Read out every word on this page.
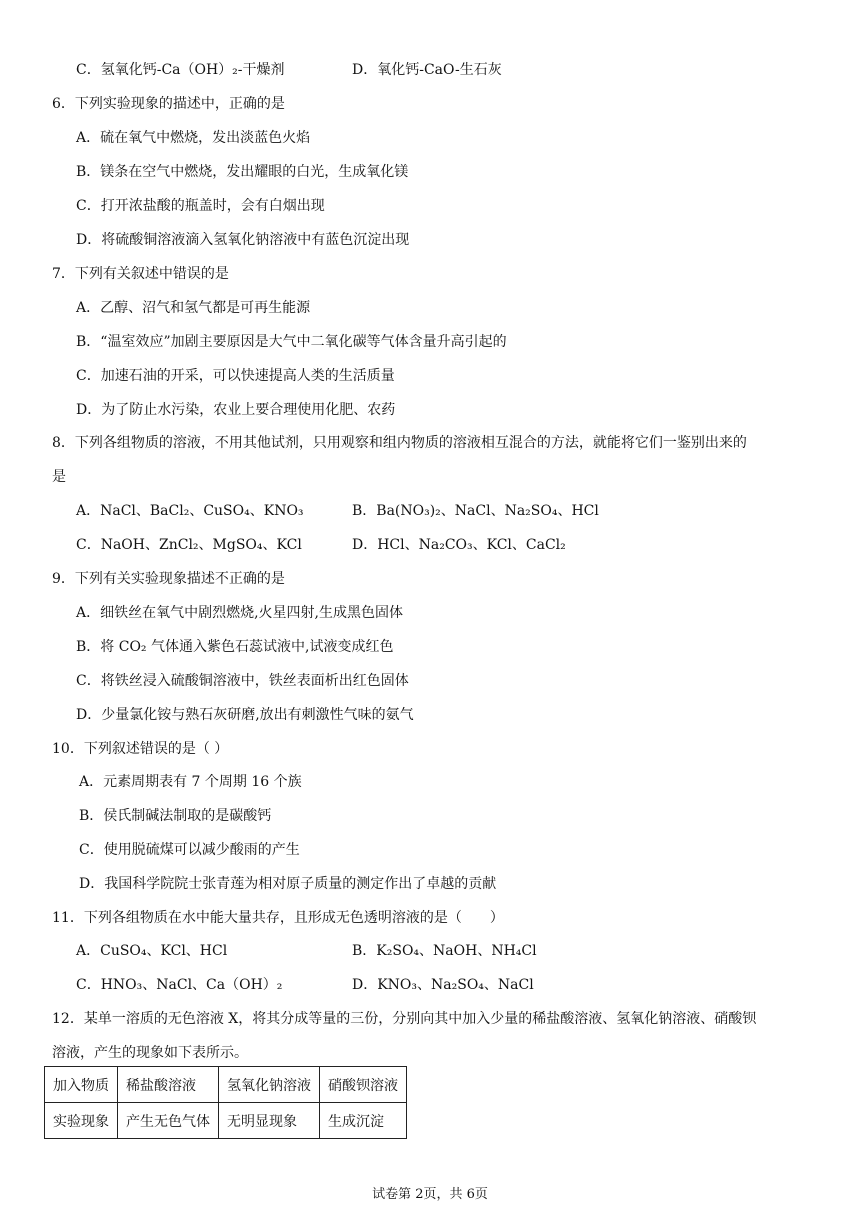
C．氢氧化钙-Ca（OH）₂-干燥剂	D．氧化钙-CaO-生石灰
6．下列实验现象的描述中，正确的是
A．硫在氧气中燃烧，发出淡蓝色火焰
B．镁条在空气中燃烧，发出耀眼的白光，生成氧化镁
C．打开浓盐酸的瓶盖时，会有白烟出现
D．将硫酸铜溶液滴入氢氧化钠溶液中有蓝色沉淀出现
7．下列有关叙述中错误的是
A．乙醇、沼气和氢气都是可再生能源
B．“温室效应”加剧主要原因是大气中二氧化碳等气体含量升高引起的
C．加速石油的开采，可以快速提高人类的生活质量
D．为了防止水污染，农业上要合理使用化肥、农药
8．下列各组物质的溶液，不用其他试剂，只用观察和组内物质的溶液相互混合的方法，就能将它们一鉴别出来的
是
A．NaCl、BaCl₂、CuSO₄、KNO₃	B．Ba(NO₃)₂、NaCl、Na₂SO₄、HCl
C．NaOH、ZnCl₂、MgSO₄、KCl	D．HCl、Na₂CO₃、KCl、CaCl₂
9．下列有关实验现象描述不正确的是
A．细铁丝在氧气中剧烈燃烧,火星四射,生成黑色固体
B．将 CO₂ 气体通入紫色石蕊试液中,试液变成红色
C．将铁丝浸入硫酸铜溶液中，铁丝表面析出红色固体
D．少量氯化铵与熟石灰研磨,放出有刺激性气味的氨气
10．下列叙述错误的是（ ）
A．元素周期表有 7 个周期 16 个族
B．侯氏制碱法制取的是碳酸钙
C．使用脱硫煤可以减少酸雨的产生
D．我国科学院院士张青莲为相对原子质量的测定作出了卓越的贡献
11．下列各组物质在水中能大量共存，且形成无色透明溶液的是（　　）
A．CuSO₄、KCl、HCl	B．K₂SO₄、NaOH、NH₄Cl
C．HNO₃、NaCl、Ca（OH）₂	D．KNO₃、Na₂SO₄、NaCl
12．某单一溶质的无色溶液 X，将其分成等量的三份，分别向其中加入少量的稀盐酸溶液、氢氧化钠溶液、硝酸钡
溶液，产生的现象如下表所示。
加入物质	稀盐酸溶液	氢氧化钠溶液	硝酸钡溶液
实验现象	产生无色气体	无明显现象	生成沉淀
试卷第 2页，共 6页
